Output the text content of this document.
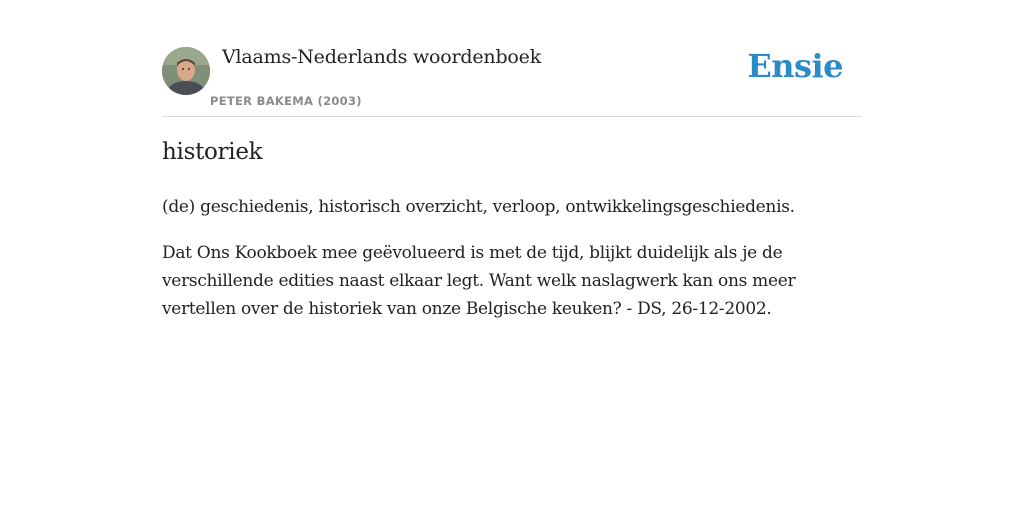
Vlaams-Nederlands woordenboek
PETER BAKEMA (2003)
Ensie
historiek

(de) geschiedenis, historisch overzicht, verloop, ontwikkelingsgeschiedenis.

Dat Ons Kookboek mee geëvolueerd is met de tijd, blijkt duidelijk als je de verschillende edities naast elkaar legt. Want welk naslagwerk kan ons meer vertellen over de historiek van onze Belgische keuken? - DS, 26-12-2002.
